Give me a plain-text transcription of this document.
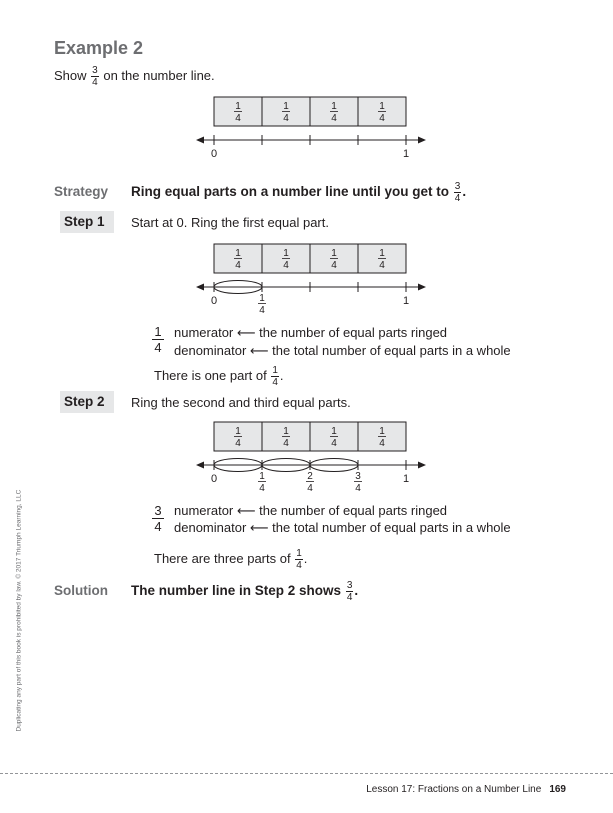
Example 2
Show $\frac{3}{4}$ on the number line.
1
4
1
4
1
4
1
4
0	1
Strategy Ring equal parts on a number line until you get to $\frac{3}{4}$ .
Step 1	Start at 0. Ring the first equal part.
1
4
1
4
1
4
1
4
0	1
1
4
$\frac{1}{4}$ numerator ⟵ the number of equal parts ringed
denominator ⟵ the total number of equal parts in a whole
There is one part of $\frac{1}{4}$ .
Step 2	Ring the second and third equal parts.
1
4
1
4
1
4
1
4
0	1
1
4
2
4
3
4
$\frac{3}{4}$ numerator ⟵ the number of equal parts ringed
denominator ⟵ the total number of equal parts in a whole
There are three parts of $\frac{1}{4}$ .
Solution The number line in Step 2 shows $\frac{3}{4}$ .
Duplicating any part of this book is prohibited by law. © 2017 Triumph Learning, LLC
Lesson 17: Fractions on a Number Line 169
